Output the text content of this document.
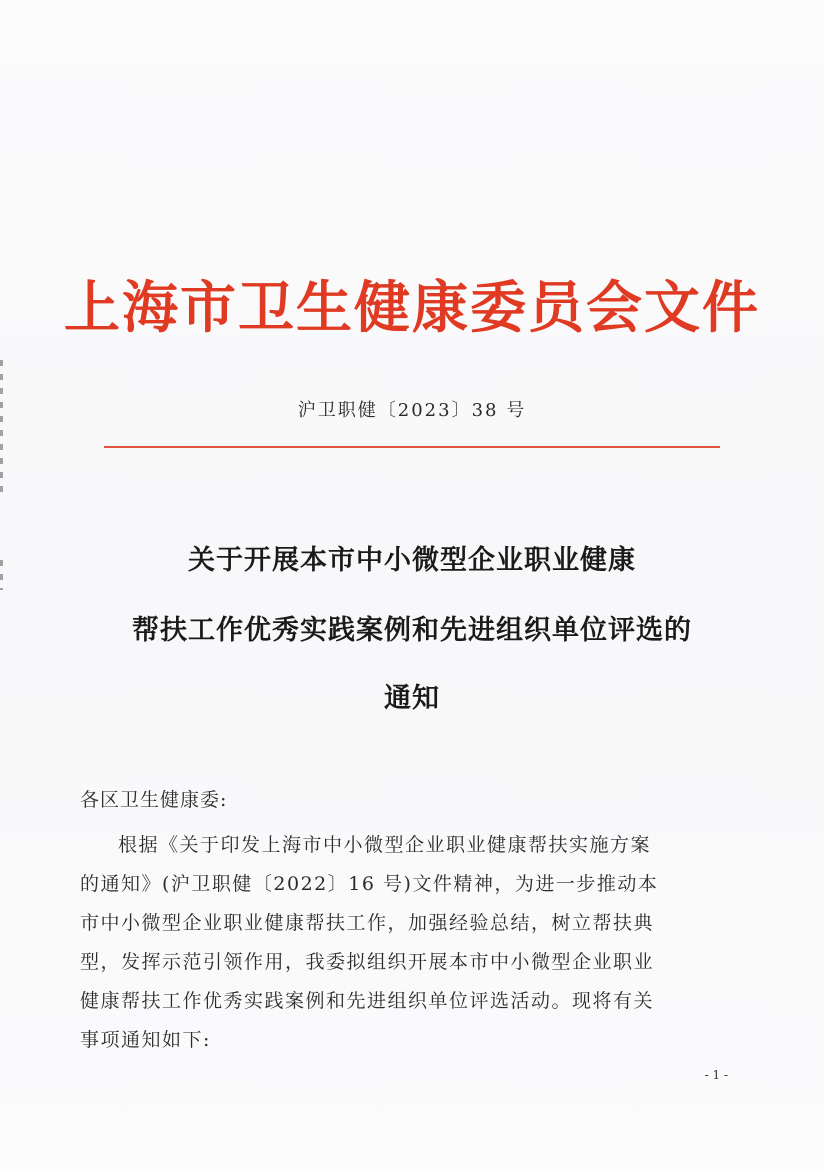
上海市卫生健康委员会文件
沪卫职健〔2023〕38 号
关于开展本市中小微型企业职业健康
帮扶工作优秀实践案例和先进组织单位评选的
通知
各区卫生健康委:
根据《关于印发上海市中小微型企业职业健康帮扶实施方案
的通知》(沪卫职健〔2022〕16 号)文件精神，为进一步推动本
市中小微型企业职业健康帮扶工作，加强经验总结，树立帮扶典
型，发挥示范引领作用，我委拟组织开展本市中小微型企业职业
健康帮扶工作优秀实践案例和先进组织单位评选活动。现将有关
事项通知如下:
- 1 -
